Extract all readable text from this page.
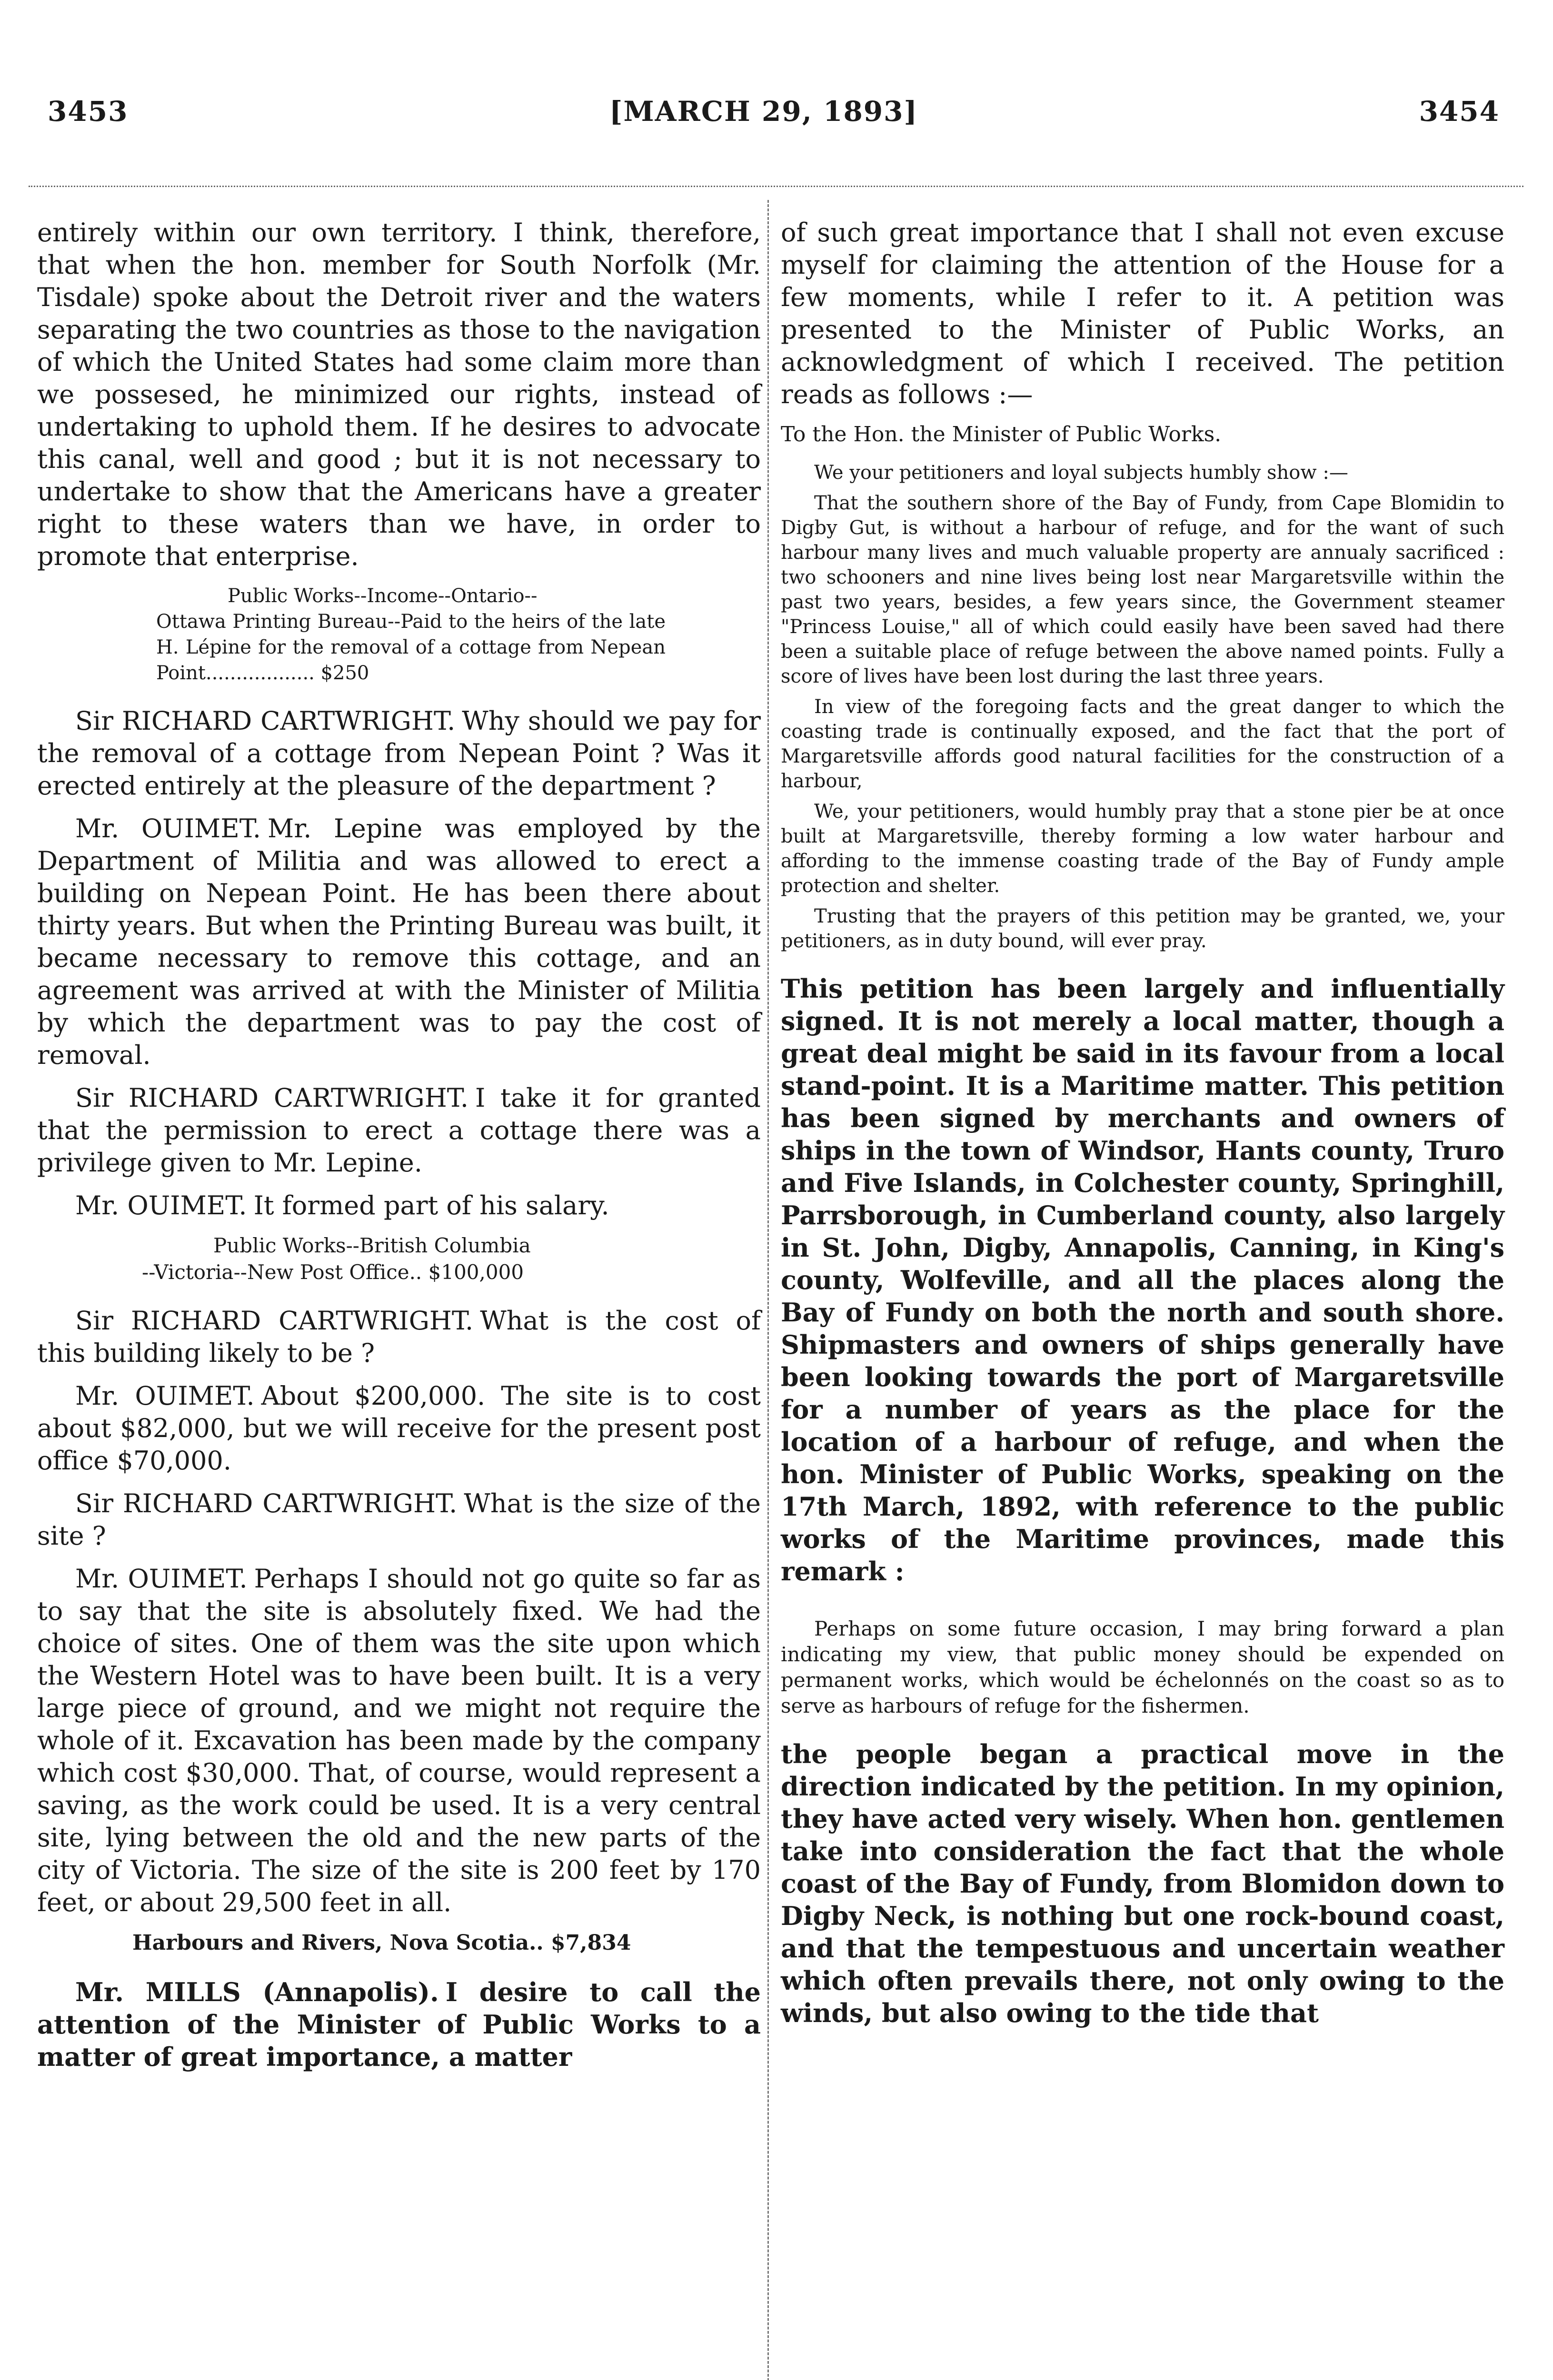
3453	[MARCH 29, 1893]	3454

entirely within our own territory. I think, therefore, that when the hon. member for South Norfolk (Mr. Tisdale) spoke about the Detroit river and the waters separating the two countries as those to the navigation of which the United States had some claim more than we possesed, he minimized our rights, instead of undertaking to uphold them. If he desires to advocate this canal, well and good ; but it is not necessary to undertake to show that the Americans have a greater right to these waters than we have, in order to promote that enterprise.

Public Works--Income--Ontario--
Ottawa Printing Bureau--Paid to the heirs of the late H. Lépine for the removal of a cottage from Nepean Point.................. $250

Sir RICHARD CARTWRIGHT. Why should we pay for the removal of a cottage from Nepean Point ? Was it erected entirely at the pleasure of the department ?

Mr. OUIMET. Mr. Lepine was employed by the Department of Militia and was allowed to erect a building on Nepean Point. He has been there about thirty years. But when the Printing Bureau was built, it became necessary to remove this cottage, and an agreement was arrived at with the Minister of Militia by which the department was to pay the cost of removal.

Sir RICHARD CARTWRIGHT. I take it for granted that the permission to erect a cottage there was a privilege given to Mr. Lepine.

Mr. OUIMET. It formed part of his salary.

Public Works--British Columbia
--Victoria--New Post Office.. $100,000

Sir RICHARD CARTWRIGHT. What is the cost of this building likely to be ?

Mr. OUIMET. About $200,000. The site is to cost about $82,000, but we will receive for the present post office $70,000.

Sir RICHARD CARTWRIGHT. What is the size of the site ?

Mr. OUIMET. Perhaps I should not go quite so far as to say that the site is absolutely fixed. We had the choice of sites. One of them was the site upon which the Western Hotel was to have been built. It is a very large piece of ground, and we might not require the whole of it. Excavation has been made by the company which cost $30,000. That, of course, would represent a saving, as the work could be used. It is a very central site, lying between the old and the new parts of the city of Victoria. The size of the site is 200 feet by 170 feet, or about 29,500 feet in all.

Harbours and Rivers, Nova Scotia.. $7,834

Mr. MILLS (Annapolis). I desire to call the attention of the Minister of Public Works to a matter of great importance, a matter

of such great importance that I shall not even excuse myself for claiming the attention of the House for a few moments, while I refer to it. A petition was presented to the Minister of Public Works, an acknowledgment of which I received. The petition reads as follows :—

To the Hon. the Minister of Public Works.

We your petitioners and loyal subjects humbly show :—

That the southern shore of the Bay of Fundy, from Cape Blomidin to Digby Gut, is without a harbour of refuge, and for the want of such harbour many lives and much valuable property are annualy sacrificed : two schooners and nine lives being lost near Margaretsville within the past two years, besides, a few years since, the Government steamer "Princess Louise," all of which could easily have been saved had there been a suitable place of refuge between the above named points. Fully a score of lives have been lost during the last three years.

In view of the foregoing facts and the great danger to which the coasting trade is continually exposed, and the fact that the port of Margaretsville affords good natural facilities for the construction of a harbour,

We, your petitioners, would humbly pray that a stone pier be at once built at Margaretsville, thereby forming a low water harbour and affording to the immense coasting trade of the Bay of Fundy ample protection and shelter.

Trusting that the prayers of this petition may be granted, we, your petitioners, as in duty bound, will ever pray.

This petition has been largely and influentially signed. It is not merely a local matter, though a great deal might be said in its favour from a local stand-point. It is a Maritime matter. This petition has been signed by merchants and owners of ships in the town of Windsor, Hants county, Truro and Five Islands, in Colchester county, Springhill, Parrsborough, in Cumberland county, also largely in St. John, Digby, Annapolis, Canning, in King's county, Wolfeville, and all the places along the Bay of Fundy on both the north and south shore. Shipmasters and owners of ships generally have been looking towards the port of Margaretsville for a number of years as the place for the location of a harbour of refuge, and when the hon. Minister of Public Works, speaking on the 17th March, 1892, with reference to the public works of the Maritime provinces, made this remark :

Perhaps on some future occasion, I may bring forward a plan indicating my view, that public money should be expended on permanent works, which would be échelonnés on the coast so as to serve as harbours of refuge for the fishermen.

the people began a practical move in the direction indicated by the petition. In my opinion, they have acted very wisely. When hon. gentlemen take into consideration the fact that the whole coast of the Bay of Fundy, from Blomidon down to Digby Neck, is nothing but one rock-bound coast, and that the tempestuous and uncertain weather which often prevails there, not only owing to the winds, but also owing to the tide that
